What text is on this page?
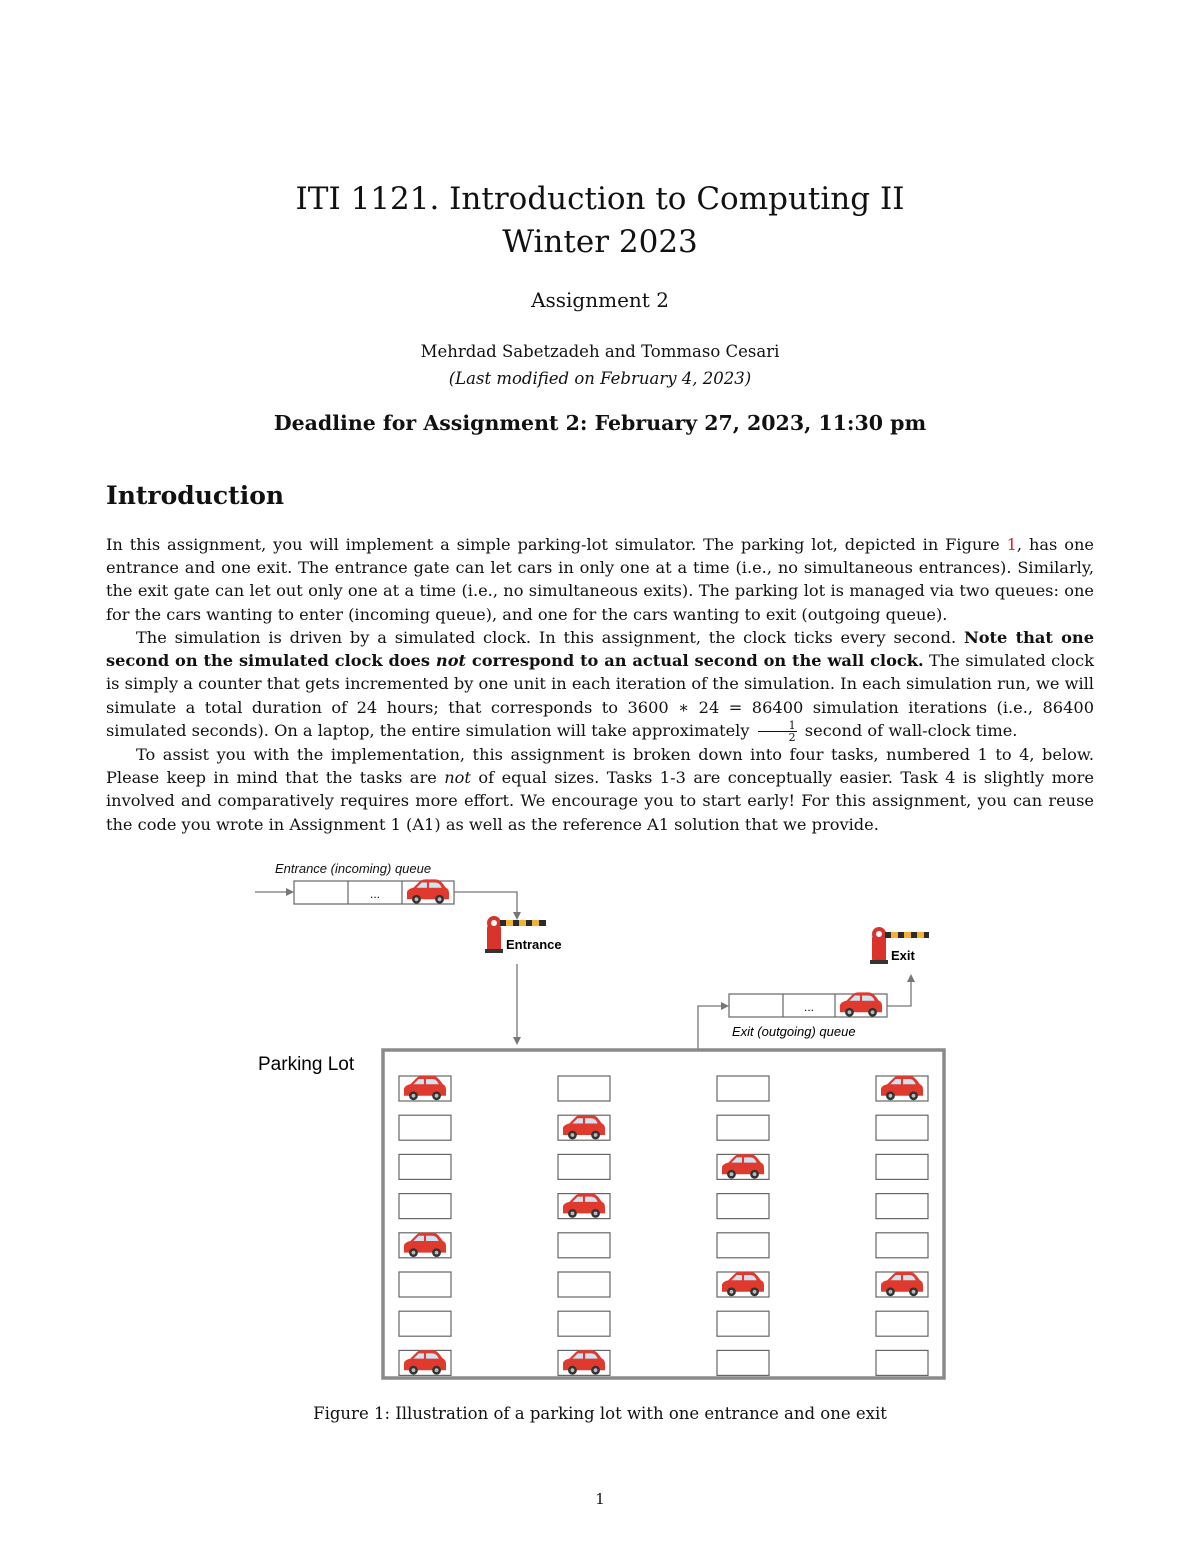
ITI 1121. Introduction to Computing II
Winter 2023
Assignment 2
Mehrdad Sabetzadeh and Tommaso Cesari
(Last modified on February 4, 2023)
Deadline for Assignment 2: February 27, 2023, 11:30 pm
Introduction
In this assignment, you will implement a simple parking-lot simulator. The parking lot, depicted in Figure 1, has one entrance and one exit. The entrance gate can let cars in only one at a time (i.e., no simultaneous entrances). Similarly, the exit gate can let out only one at a time (i.e., no simultaneous exits). The parking lot is managed via two queues: one for the cars wanting to enter (incoming queue), and one for the cars wanting to exit (outgoing queue).
The simulation is driven by a simulated clock. In this assignment, the clock ticks every second. Note that one second on the simulated clock does not correspond to an actual second on the wall clock. The simulated clock is simply a counter that gets incremented by one unit in each iteration of the simulation. In each simulation run, we will simulate a total duration of 24 hours; that corresponds to 3600 ∗ 24 = 86400 simulation iterations (i.e., 86400 simulated seconds). On a laptop, the entire simulation will take approximately $\frac{1}{2}$ second of wall-clock time.
To assist you with the implementation, this assignment is broken down into four tasks, numbered 1 to 4, below. Please keep in mind that the tasks are not of equal sizes. Tasks 1-3 are conceptually easier. Task 4 is slightly more involved and comparatively requires more effort. We encourage you to start early! For this assignment, you can reuse the code you wrote in Assignment 1 (A1) as well as the reference A1 solution that we provide.
Entrance (incoming) queue
...
Entrance
Exit
...
Exit (outgoing) queue
Parking Lot
Figure 1: Illustration of a parking lot with one entrance and one exit
1
